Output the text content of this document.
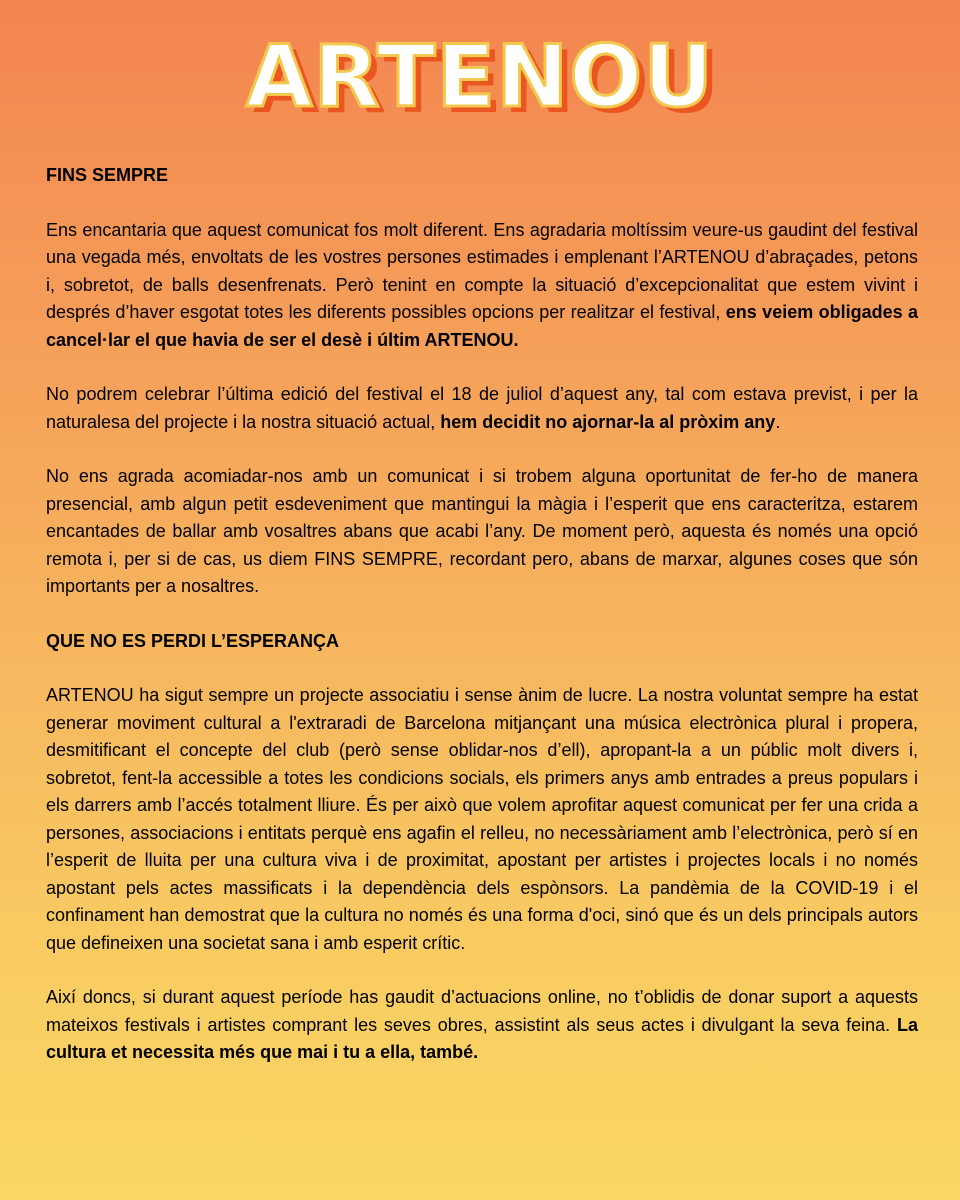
ARTENOU
FINS SEMPRE

Ens encantaria que aquest comunicat fos molt diferent. Ens agradaria moltíssim veure-us gaudint del festival una vegada més, envoltats de les vostres persones estimades i emplenant l’ARTENOU d’abraçades, petons i, sobretot, de balls desenfrenats. Però tenint en compte la situació d’excepcionalitat que estem vivint i després d’haver esgotat totes les diferents possibles opcions per realitzar el festival, ens veiem obligades a cancel·lar el que havia de ser el desè i últim ARTENOU.

No podrem celebrar l’última edició del festival el 18 de juliol d’aquest any, tal com estava previst, i per la naturalesa del projecte i la nostra situació actual, hem decidit no ajornar-la al pròxim any.

No ens agrada acomiadar-nos amb un comunicat i si trobem alguna oportunitat de fer-ho de manera presencial, amb algun petit esdeveniment que mantingui la màgia i l’esperit que ens caracteritza, estarem encantades de ballar amb vosaltres abans que acabi l’any. De moment però, aquesta és només una opció remota i, per si de cas, us diem FINS SEMPRE, recordant pero, abans de marxar, algunes coses que són importants per a nosaltres.

QUE NO ES PERDI L’ESPERANÇA

ARTENOU ha sigut sempre un projecte associatiu i sense ànim de lucre. La nostra voluntat sempre ha estat generar moviment cultural a l'extraradi de Barcelona mitjançant una música electrònica plural i propera, desmitificant el concepte del club (però sense oblidar-nos d’ell), apropant-la a un públic molt divers i, sobretot, fent-la accessible a totes les condicions socials, els primers anys amb entrades a preus populars i els darrers amb l’accés totalment lliure. És per això que volem aprofitar aquest comunicat per fer una crida a persones, associacions i entitats perquè ens agafin el relleu, no necessàriament amb l’electrònica, però sí en l’esperit de lluita per una cultura viva i de proximitat, apostant per artistes i projectes locals i no només apostant pels actes massificats i la dependència dels espònsors. La pandèmia de la COVID-19 i el confinament han demostrat que la cultura no només és una forma d'oci, sinó que és un dels principals autors que defineixen una societat sana i amb esperit crític.

Així doncs, si durant aquest període has gaudit d’actuacions online, no t’oblidis de donar suport a aquests mateixos festivals i artistes comprant les seves obres, assistint als seus actes i divulgant la seva feina. La cultura et necessita més que mai i tu a ella, també.
